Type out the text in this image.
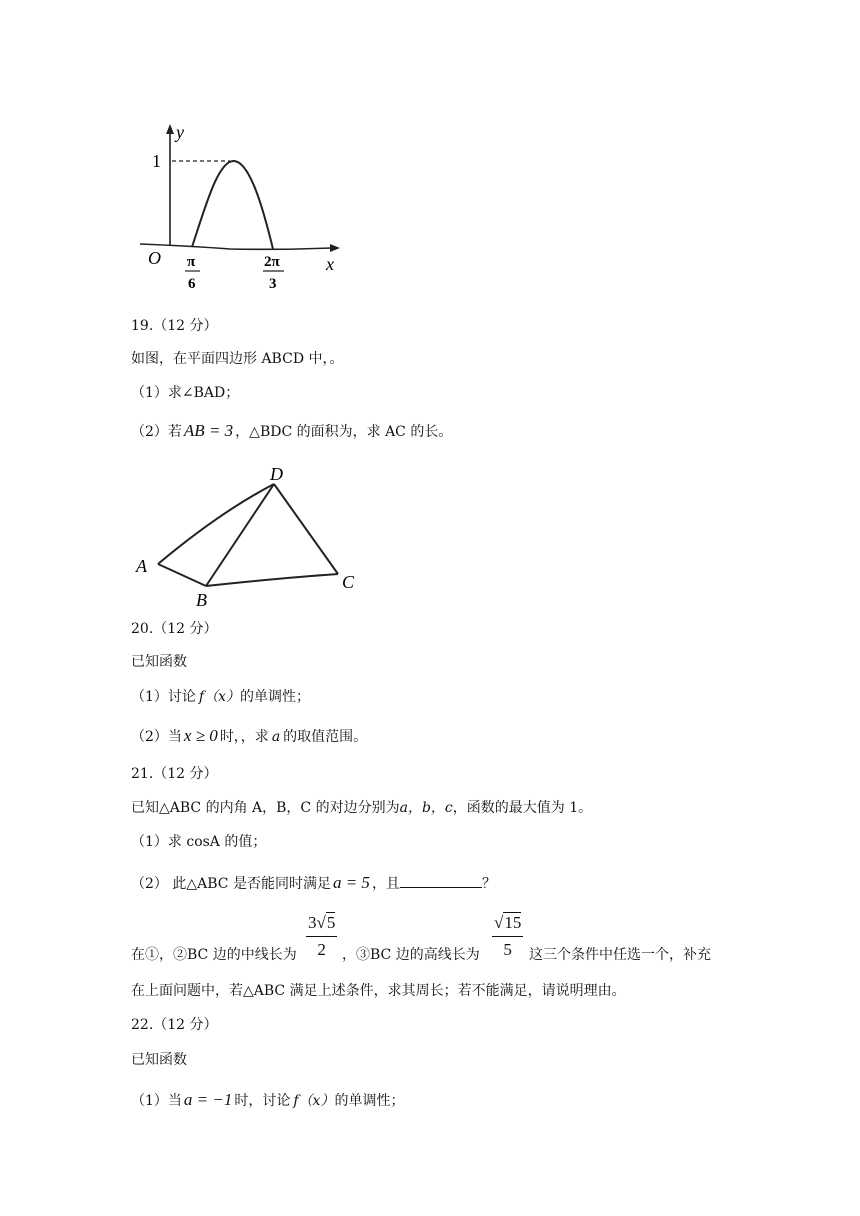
y
x
O
1
π
6
2π
3
19.（12 分）
如图，在平面四边形 ABCD 中，。
（1）求∠BAD；
（2）若 AB = 3 ，△BDC 的面积为，求 AC 的长。
A
B
C
D
20.（12 分）
已知函数
（1）讨论 f（x）的单调性；
（2）当 x ≥ 0 时，，求 a 的取值范围。
21.（12 分）
已知△ABC 的内角 A，B，C 的对边分别为a，b，c，函数的最大值为 1。
（1）求 cosA 的值；
（2） 此△ABC 是否能同时满足 a = 5 ，且	？
$\frac{3√5}{2}$	$\frac{√15}{5}$
在①，②BC 边的中线长为	，③BC 边的高线长为	这三个条件中任选一个，补充
在上面问题中，若△ABC 满足上述条件，求其周长；若不能满足，请说明理由。
22.（12 分）
已知函数
（1）当 a = −1 时，讨论 f（x）的单调性；
